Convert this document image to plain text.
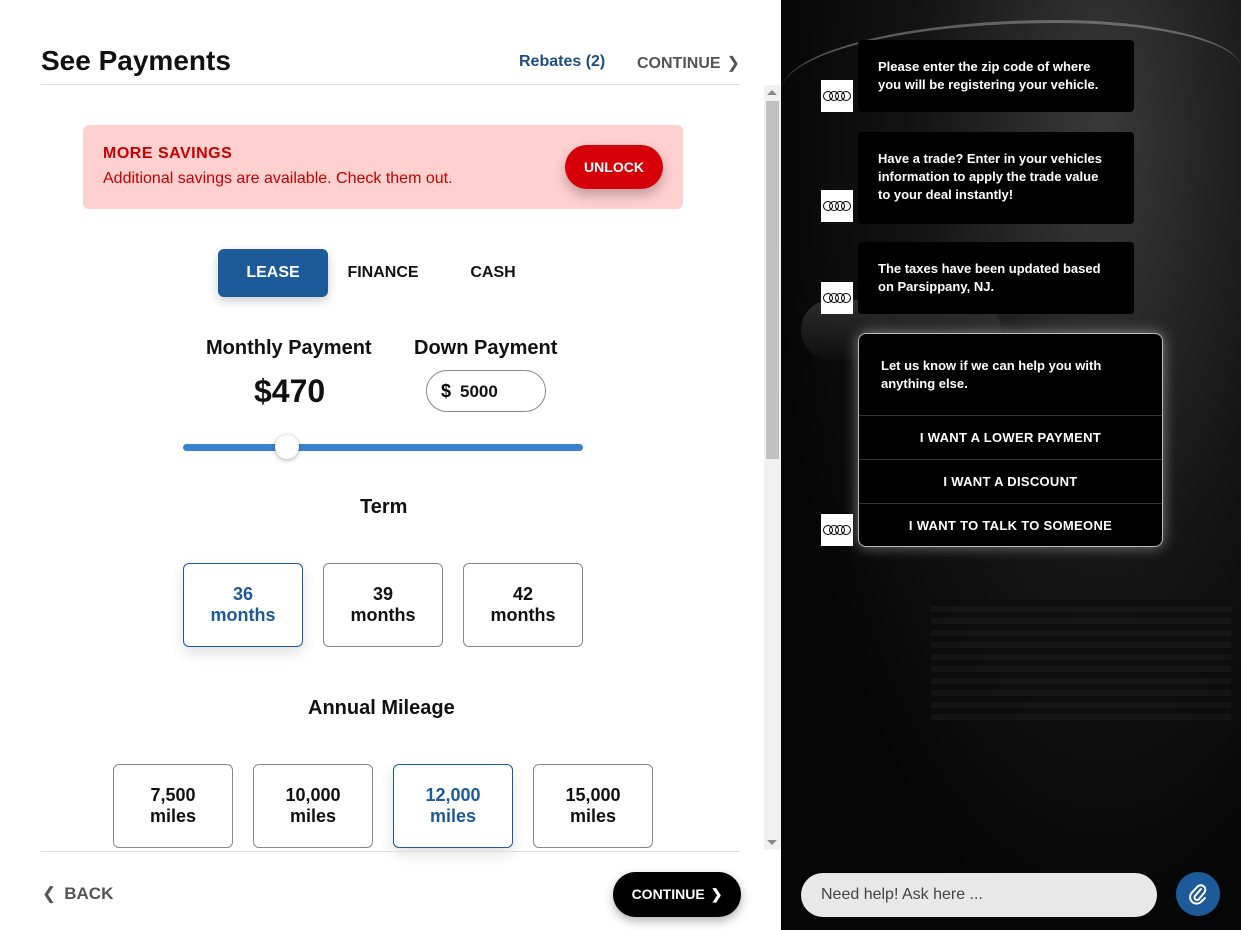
See Payments	Rebates (2) CONTINUE ❯
MORE SAVINGS
Additional savings are available. Check them out.
UNLOCK
LEASE	FINANCE	CASH
Monthly Payment
$470
Down Payment
$ 5000
Term
36
months
39
months
42
months
Annual Mileage
7,500
miles
10,000
miles
12,000
miles
15,000
miles
❮ BACK	CONTINUE ❯
Please enter the zip code of where you will be registering your vehicle.
Have a trade? Enter in your vehicles information to apply the trade value to your deal instantly!
The taxes have been updated based on Parsippany, NJ.
Let us know if we can help you with anything else.
I WANT A LOWER PAYMENT
I WANT A DISCOUNT
I WANT TO TALK TO SOMEONE
Need help! Ask here ...
